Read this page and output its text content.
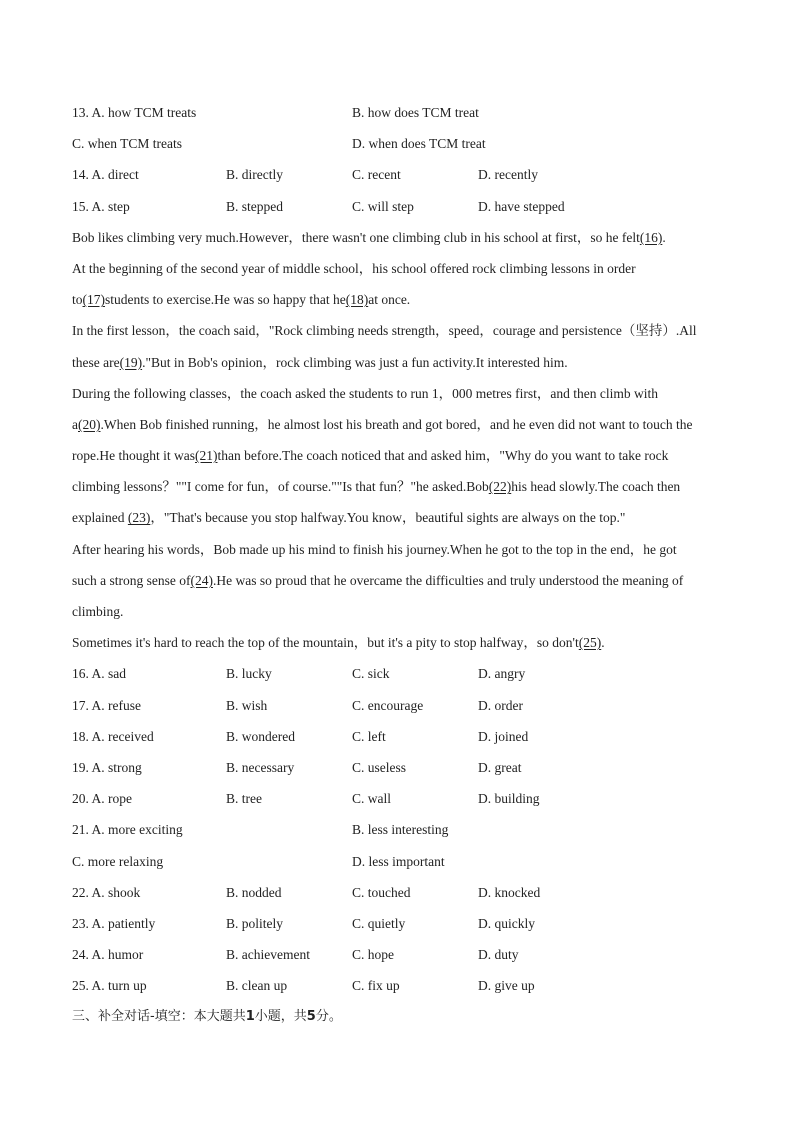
13. A. how TCM treats	B. how does TCM treat
C. when TCM treats	D. when does TCM treat
14. A. direct	B. directly	C. recent	D. recently
15. A. step	B. stepped	C. will step	D. have stepped
Bob likes climbing very much.However，there wasn't one climbing club in his school at first，so he felt(16).
At the beginning of the second year of middle school，his school offered rock climbing lessons in order
to(17)students to exercise.He was so happy that he(18)at once.
In the first lesson，the coach said，"Rock climbing needs strength，speed，courage and persistence（坚持）.All
these are(19)."But in Bob's opinion，rock climbing was just a fun activity.It interested him.
During the following classes，the coach asked the students to run 1，000 metres first，and then climb with
a(20).When Bob finished running，he almost lost his breath and got bored，and he even did not want to touch the
rope.He thought it was(21)than before.The coach noticed that and asked him，"Why do you want to take rock
climbing lessons？""I come for fun，of course.""Is that fun？"he asked.Bob(22)his head slowly.The coach then
explained (23)，"That's because you stop halfway.You know，beautiful sights are always on the top."
After hearing his words，Bob made up his mind to finish his journey.When he got to the top in the end，he got
such a strong sense of(24).He was so proud that he overcame the difficulties and truly understood the meaning of
climbing.
Sometimes it's hard to reach the top of the mountain，but it's a pity to stop halfway，so don't(25).
16. A. sad	B. lucky	C. sick	D. angry
17. A. refuse	B. wish	C. encourage	D. order
18. A. received	B. wondered	C. left	D. joined
19. A. strong	B. necessary	C. useless	D. great
20. A. rope	B. tree	C. wall	D. building
21. A. more exciting	B. less interesting
C. more relaxing	D. less important
22. A. shook	B. nodded	C. touched	D. knocked
23. A. patiently	B. politely	C. quietly	D. quickly
24. A. humor	B. achievement	C. hope	D. duty
25. A. turn up	B. clean up	C. fix up	D. give up
三、补全对话-填空：本大题共1小题，共5分。
